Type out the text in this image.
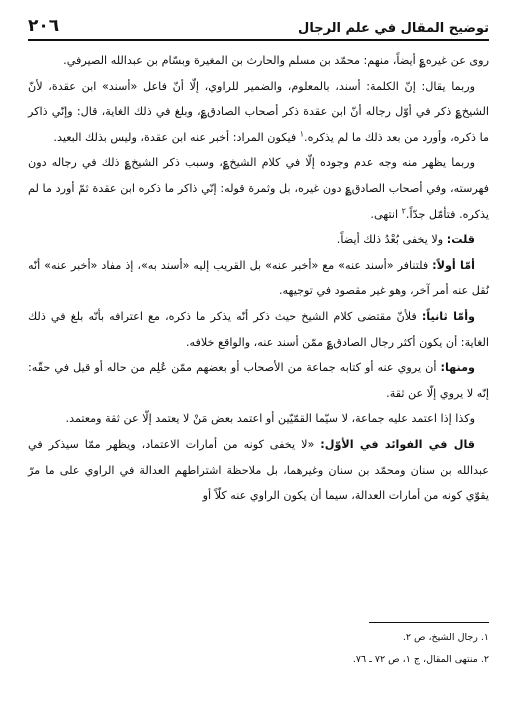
٢٠٦	توضيح المقال في علم الرجال

روى عن غيره؏ أيضاً، منهم: محمّد بن مسلم والحارث بن المغيرة وبسّام بن عبدالله الصيرفي.

وربما يقال: إنّ الكلمة: أسند، بالمعلوم، والضمير للراوي، إلّا أنّ فاعل «أسند» ابن عقدة، لأنّ الشيخ؏ ذكر في أوّل رجاله أنّ ابن عقدة ذكر أصحاب الصادق؏، وبلغ في ذلك الغاية، قال: وإنّي ذاكر ما ذكره، وأورد من بعد ذلك ما لم يذكره.$^١$ فيكون المراد: أخبر عنه ابن عقدة، وليس بذلك البعيد.

وربما يظهر منه وجه عدم وجوده إلّا في كلام الشيخ؏، وسبب ذكر الشيخ؏ ذلك في رجاله دون فهرسته، وفي أصحاب الصادق؏ دون غيره، بل وثمرة قوله: إنّي ذاكر ما ذكره ابن عقدة ثمّ أورد ما لم يذكره. فتأمّل جدّاً.$^٢$ انتهى.

قلت: ولا يخفى بُعْدُ ذلك أيضاً.

أمّا أولاً: فلتنافر «أسند عنه» مع «أخبر عنه» بل القريب إليه «أسند به»، إذ مفاد «أخبر عنه» أنّه نُقل عنه أمر آخر، وهو غير مقصود في توجيهه.

وأمّا ثانياً: فلأنّ مقتضى كلام الشيخ حيث ذكر أنّه يذكر ما ذكره، مع اعترافه بأنّه بلغ في ذلك الغاية: أن يكون أكثر رجال الصادق؏ ممّن أسند عنه، والواقع خلافه.

ومنها: أن يروي عنه أو كتابه جماعة من الأصحاب أو بعضهم ممّن عُلِم من حاله أو قيل في حقّه: إنّه لا يروي إلّا عن ثقة.

وكذا إذا اعتمد عليه جماعة، لا سيّما القمّيّين أو اعتمد بعض مَنْ لا يعتمد إلّا عن ثقة ومعتمد.

قال في الفوائد في الأوّل: «لا يخفى كونه من أمارات الاعتماد، ويظهر ممّا سيذكر في عبدالله بن سنان ومحمّد بن سنان وغيرهما، بل ملاحظة اشتراطهم العدالة في الراوي على ما مرّ يقوّي كونه من أمارات العدالة، سيما أن يكون الراوي عنه كلّاً أو

١. رجال الشيخ، ص ٢.
٢. منتهى المقال، ج ١، ص ٧٢ ـ ٧٦.
